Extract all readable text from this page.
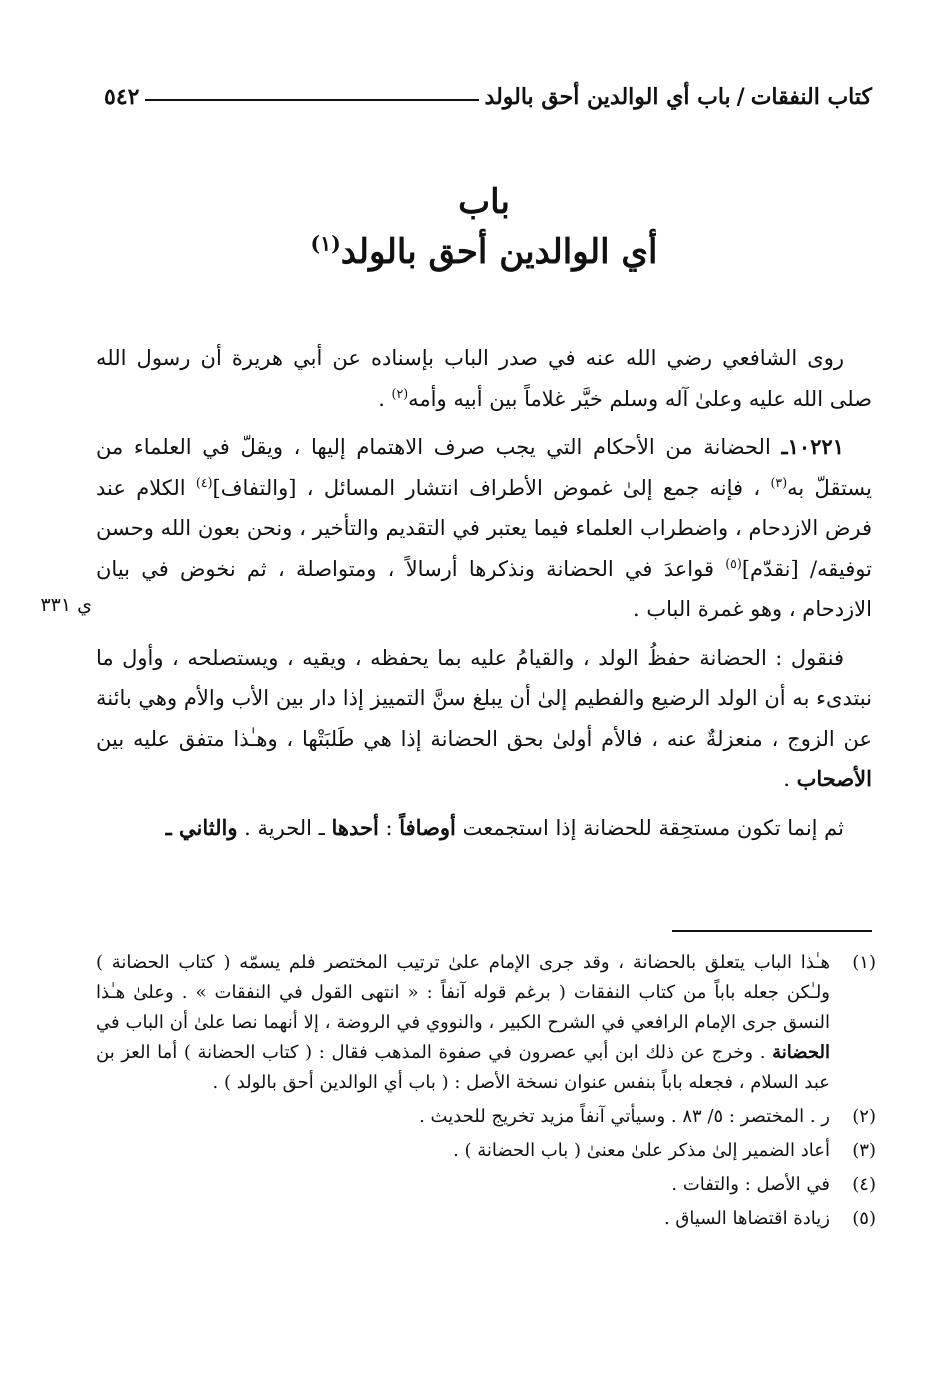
كتاب النفقات/باب أي الوالدين أحق بالولد
٥٤٢
باب
أي الوالدين أحق بالولد$^{(١)}$

روى الشافعي رضي الله عنه في صدر الباب بإسناده عن أبي هريرة أن رسول الله صلى الله عليه وعلىٰ آله وسلم خيَّر غلاماً بين أبيه وأمه$^{(٢)}$ .

١٠٢٢١ـ الحضانة من الأحكام التي يجب صرف الاهتمام إليها ، ويقلّ في العلماء من يستقلّ به$^{(٣)}$ ، فإنه جمع إلىٰ غموض الأطراف انتشار المسائل ، [والتفاف]$^{(٤)}$ الكلام عند فرض الازدحام ، واضطراب العلماء فيما يعتبر في التقديم والتأخير ، ونحن بعون الله وحسن توفيقه/ [نقدّم]$^{(٥)}$ قواعدَ في الحضانة ونذكرها أرسالاً ، ومتواصلة ، ثم نخوض في بيان الازدحام ، وهو غمرة الباب .

فنقول : الحضانة حفظُ الولد ، والقيامُ عليه بما يحفظه ، ويقيه ، ويستصلحه ، وأول ما نبتدىء به أن الولد الرضيع والفطيم إلىٰ أن يبلغ سنَّ التمييز إذا دار بين الأب والأم وهي بائنة عن الزوج ، منعزلةٌ عنه ، فالأم أولىٰ بحق الحضانة إذا هي طَلبَتْها ، وهـٰذا متفق عليه بين الأصحاب .

ثم إنما تكون مستحِقة للحضانة إذا استجمعت أوصافاً : أحدها ـ الحرية . والثاني ـ

ي ٣٣١
(١)
هـٰذا الباب يتعلق بالحضانة ، وقد جرى الإمام علىٰ ترتيب المختصر فلم يسمّه ( كتاب الحضانة ) ولـٰكن جعله باباً من كتاب النفقات ( برغم قوله آنفاً : « انتهى القول في النفقات » . وعلىٰ هـٰذا النسق جرى الإمام الرافعي في الشرح الكبير ، والنووي في الروضة ، إلا أنهما نصا علىٰ أن الباب في الحضانة . وخرج عن ذلك ابن أبي عصرون في صفوة المذهب فقال : ( كتاب الحضانة ) أما العز بن عبد السلام ، فجعله باباً بنفس عنوان نسخة الأصل : ( باب أي الوالدين أحق بالولد ) .
(٢)
ر . المختصر : ٥/ ٨٣ . وسيأتي آنفاً مزيد تخريج للحديث .
(٣)
أعاد الضمير إلىٰ مذكر علىٰ معنىٰ ( باب الحضانة ) .
(٤)
في الأصل : والتفات .
(٥)
زيادة اقتضاها السياق .
